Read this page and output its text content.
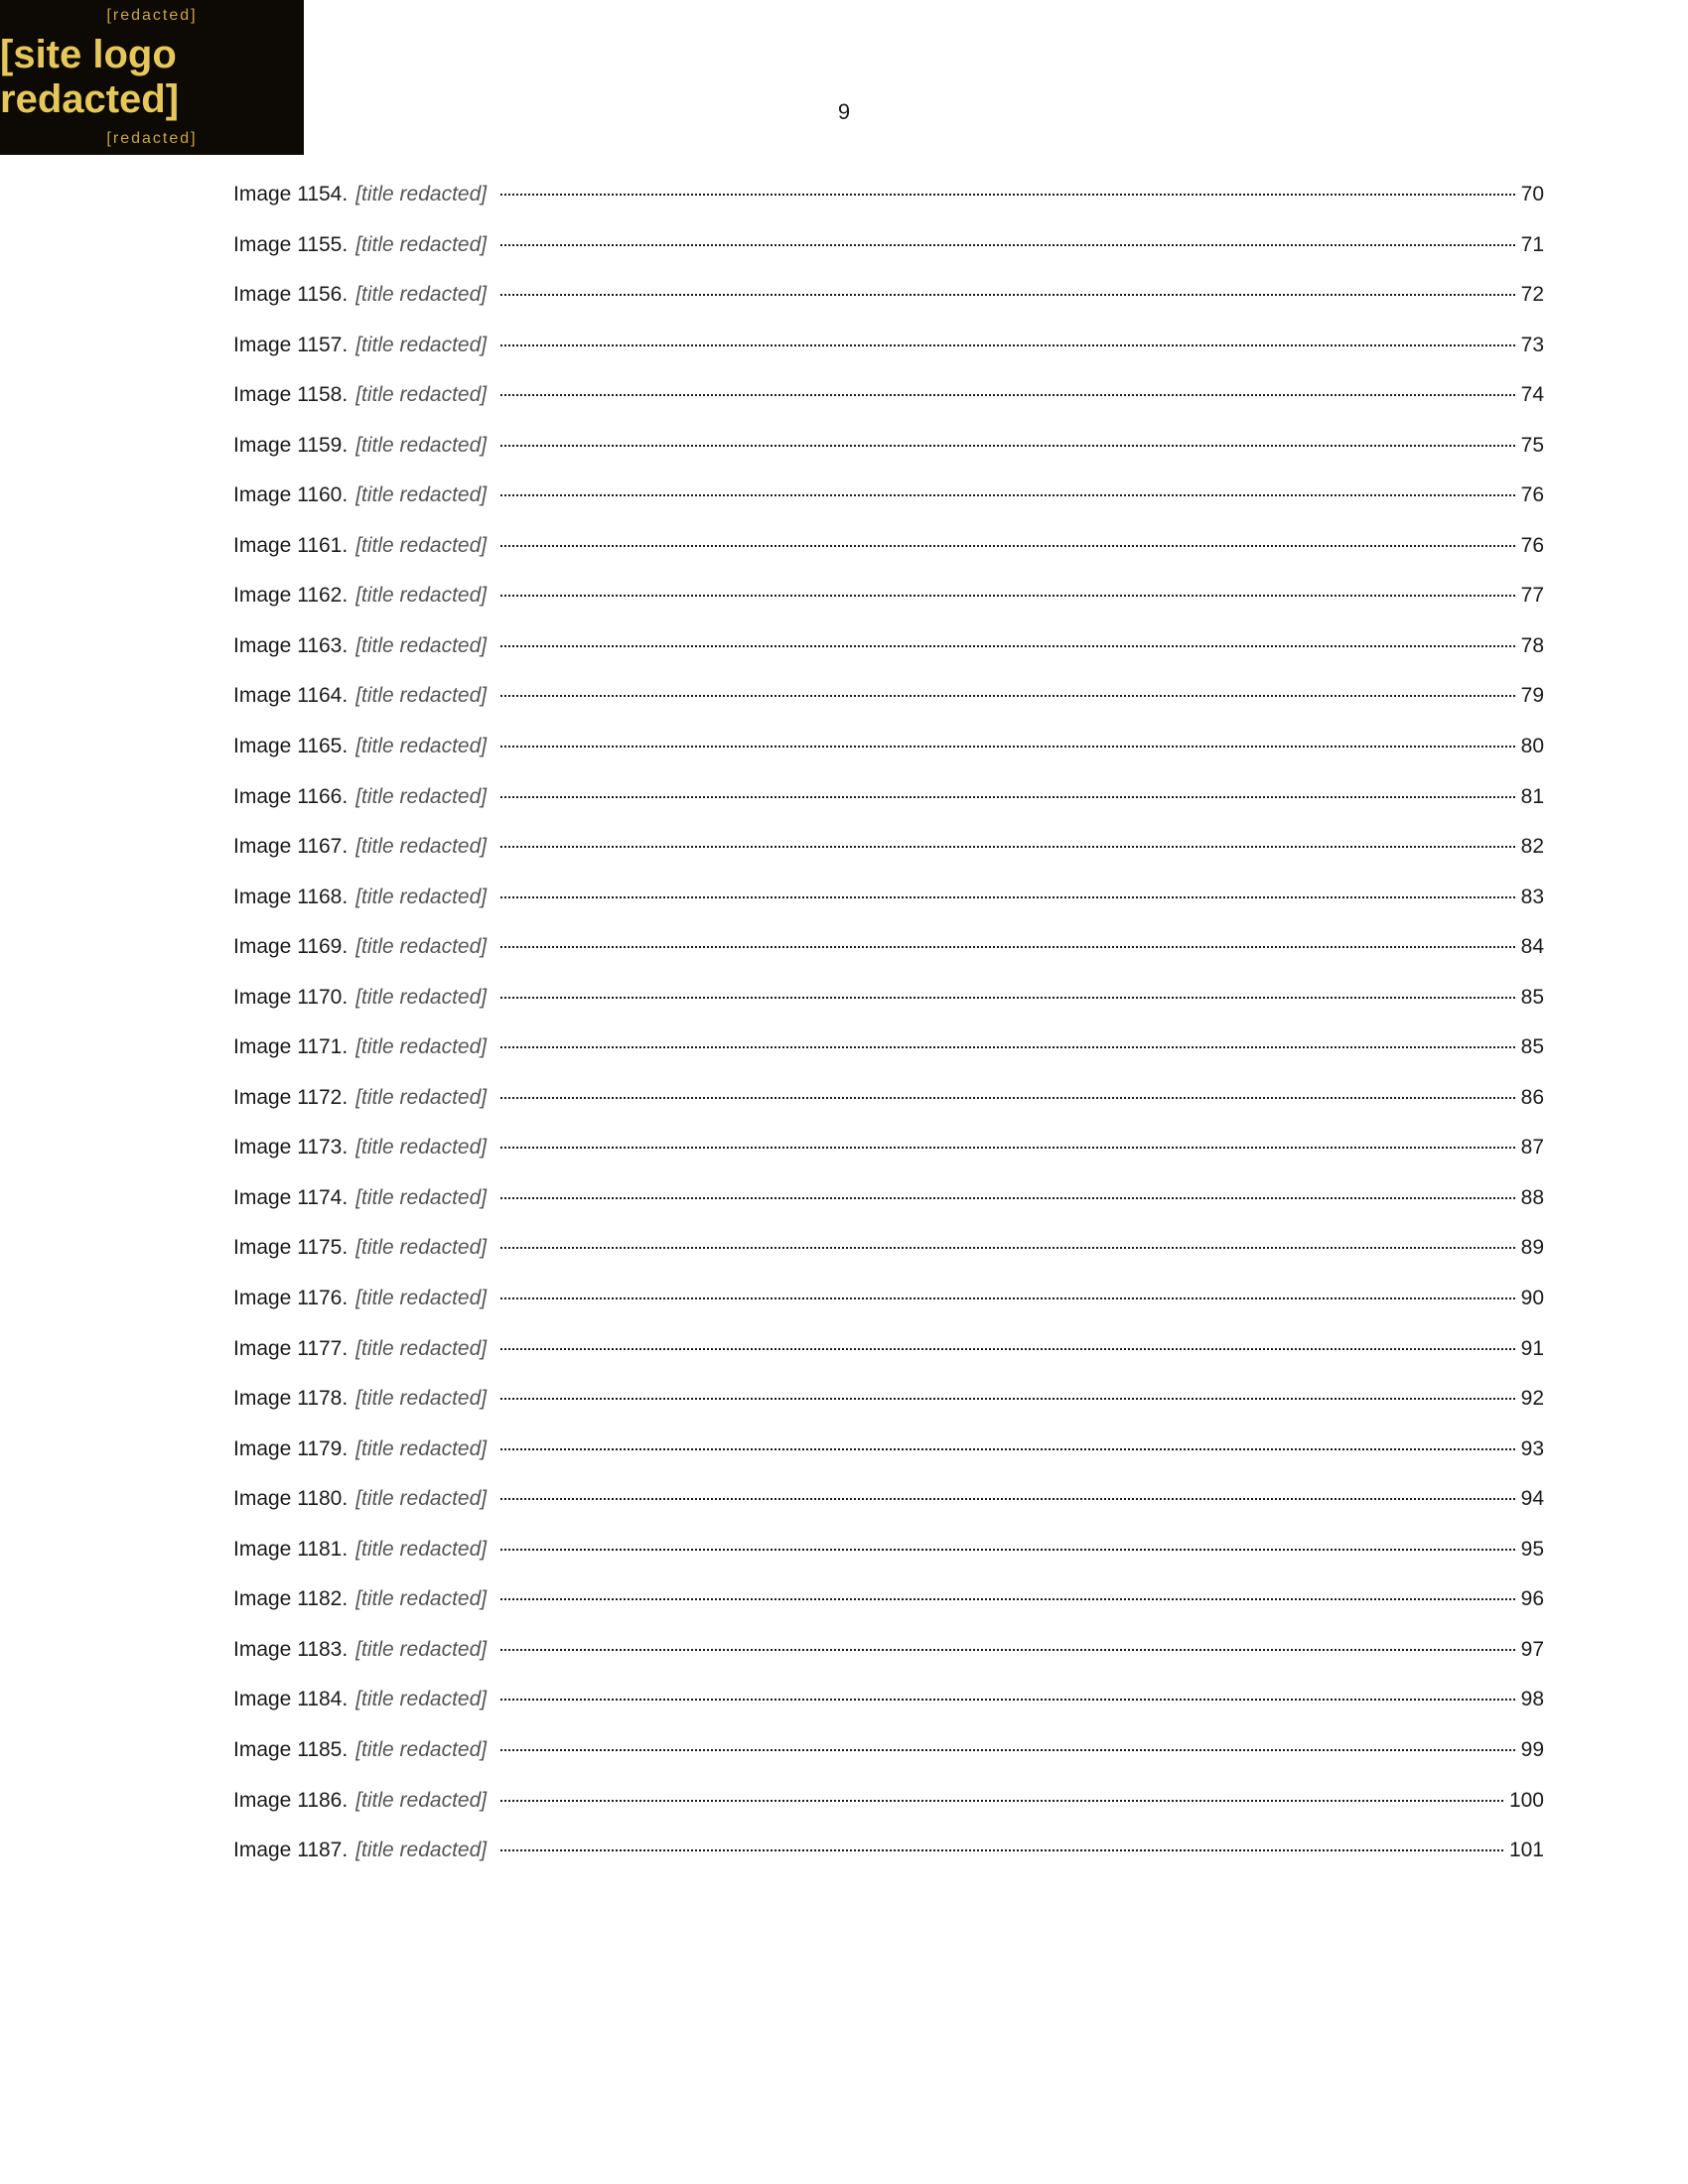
[redacted]
[site logo redacted]
[redacted]
9
Image 1154. [title redacted]	70
Image 1155. [title redacted]	71
Image 1156. [title redacted]	72
Image 1157. [title redacted]	73
Image 1158. [title redacted]	74
Image 1159. [title redacted]	75
Image 1160. [title redacted]	76
Image 1161. [title redacted]	76
Image 1162. [title redacted]	77
Image 1163. [title redacted]	78
Image 1164. [title redacted]	79
Image 1165. [title redacted]	80
Image 1166. [title redacted]	81
Image 1167. [title redacted]	82
Image 1168. [title redacted]	83
Image 1169. [title redacted]	84
Image 1170. [title redacted]	85
Image 1171. [title redacted]	85
Image 1172. [title redacted]	86
Image 1173. [title redacted]	87
Image 1174. [title redacted]	88
Image 1175. [title redacted]	89
Image 1176. [title redacted]	90
Image 1177. [title redacted]	91
Image 1178. [title redacted]	92
Image 1179. [title redacted]	93
Image 1180. [title redacted]	94
Image 1181. [title redacted]	95
Image 1182. [title redacted]	96
Image 1183. [title redacted]	97
Image 1184. [title redacted]	98
Image 1185. [title redacted]	99
Image 1186. [title redacted]	100
Image 1187. [title redacted]	101
